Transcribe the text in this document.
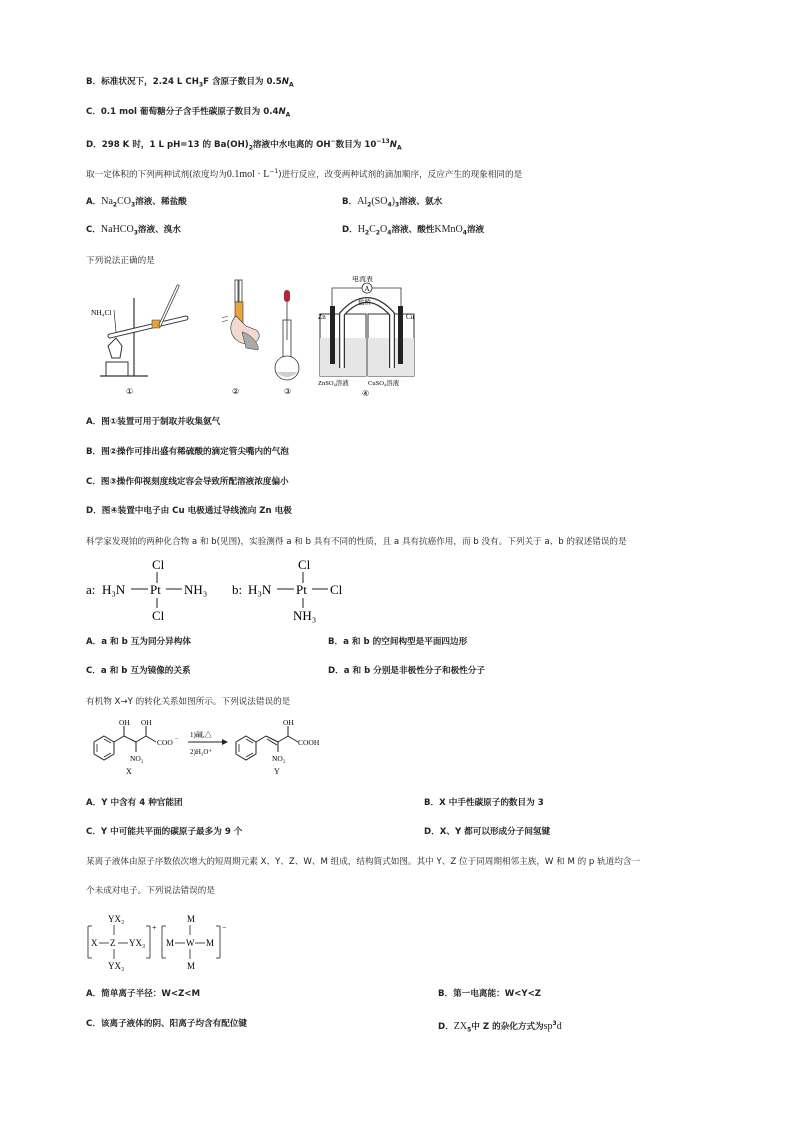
B．标准状况下，2.24 L $CH_3F$ 含原子数目为 $0.5N_A$
C．0.1 mol 葡萄糖分子含手性碳原子数目为 $0.4N_A$
D．298 K 时，1 L pH=13 的 $Ba(OH)_2$溶液中水电离的 OH−数目为 $10^{-13}N_A$
取一定体积的下列两种试剂(浓度均为$0.1mol \cdot L^{-1}$)进行反应，改变两种试剂的滴加顺序，反应产生的现象相同的是
A．$Na_2CO_3$溶液、稀盐酸	B．$Al_2(SO_4)_3$溶液、氨水
C．NaHCO$_3$溶液、溴水	D．$H_2C_2O_4$溶液、酸性KMnO$_4$溶液
下列说法正确的是
NH₄Cl
①	②	③
A
电流表
盐桥
Zn	Cu
ZnSO₄溶液	CuSO₄溶液
④
A．图①装置可用于制取并收集氨气
B．图②操作可排出盛有稀硫酸的滴定管尖嘴内的气泡
C．图③操作仰视刻度线定容会导致所配溶液浓度偏小
D．图④装置中电子由 Cu 电极通过导线流向 Zn 电极
科学家发现铂的两种化合物 a 和 b(见图)，实验测得 a 和 b 具有不同的性质，且 a 具有抗癌作用，而 b 没有。下列关于 a、b 的叙述错误的是
a: H₃N Pt NH₃
Cl
Cl
b: H₃N Pt Cl
Cl
NH₃
A．a 和 b 互为同分异构体	B．a 和 b 的空间构型是平面四边形
C．a 和 b 互为镜像的关系	D．a 和 b 分别是非极性分子和极性分子
有机物 X→Y 的转化关系如图所示。下列说法错误的是
OH OH
NO₂
COO −
X
1)碱,△
2)H₃O⁺
NO₂
OH
COOH
Y
A．Y 中含有 4 种官能团	B．X 中手性碳原子的数目为 3
C．Y 中可能共平面的碳原子最多为 9 个	D．X、Y 都可以形成分子间氢键
某离子液体由原子序数依次增大的短周期元素 X、Y、Z、W、M 组成，结构简式如图。其中 Y、Z 位于同周期相邻主族，W 和 M 的 p 轨道均含一
个未成对电子。下列说法错误的是
YX₃
X Z YX₃
YX₃
+
M W M
M
M
−
A．简单离子半径：W<Z<M	B．第一电离能：W<Y<Z
C．该离子液体的阴、阳离子均含有配位键	D．$ZX_5$中 Z 的杂化方式为$sp^3d$
